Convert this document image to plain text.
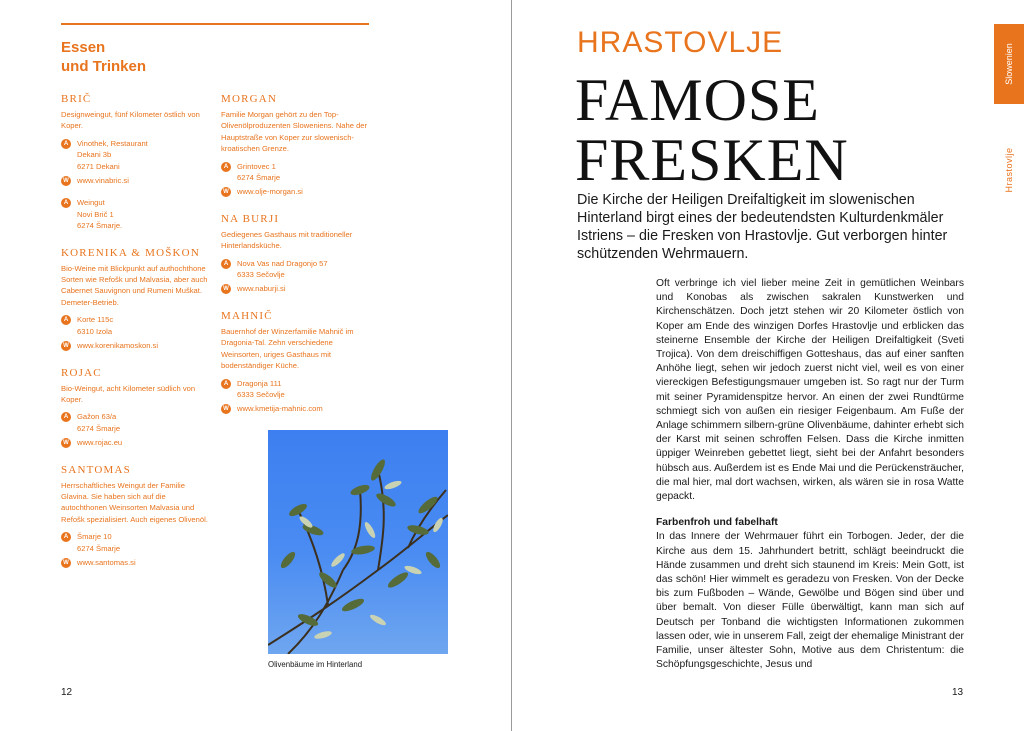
Essen
und Trinken
BRIČ
Designweingut, fünf Kilometer östlich von Koper.
A	Vinothek, Restaurant
Dekani 3b
6271 Dekani
W www.vinabric.si
A	Weingut
Novi Brič 1
6274 Šmarje.
KORENIKA & MOŠKON
Bio-Weine mit Blickpunkt auf authochthone Sorten wie Refošk und Malvasia, aber auch Cabernet Sauvignon und Rumeni Muškat. Demeter-Betrieb.
A	Korte 115c
6310 Izola
W www.korenikamoskon.si
ROJAC
Bio-Weingut, acht Kilometer südlich von Koper.
A	Gažon 63/a
6274 Šmarje
W www.rojac.eu
SANTOMAS
Herrschaftliches Weingut der Familie Glavina. Sie haben sich auf die autochthonen Weinsorten Malvasia und Refošk spezialisiert. Auch eigenes Olivenöl.
A	Šmarje 10
6274 Šmarje
W www.santomas.si
MORGAN
Familie Morgan gehört zu den Top-Olivenölproduzenten Sloweniens. Nahe der Hauptstraße von Koper zur slowenisch-kroatischen Grenze.
A	Grintovec 1
6274 Šmarje
W www.olje-morgan.si
NA BURJI
Gediegenes Gasthaus mit traditioneller Hinterlandsküche.
A	Nova Vas nad Dragonjo 57
6333 Sečovlje
W www.naburji.si
MAHNIČ
Bauernhof der Winzerfamilie Mahnič im Dragonia-Tal. Zehn verschiedene Weinsorten, uriges Gasthaus mit bodenständiger Küche.
A	Dragonja 111
6333 Sečovlje
W www.kmetija-mahnic.com
Olivenbäume im Hinterland
12
HRASTOVLJE
FAMOSE
FRESKEN
Die Kirche der Heiligen Dreifaltigkeit im slowenischen Hinterland birgt eines der bedeutendsten Kulturdenkmäler Istriens – die Fresken von Hrastovlje. Gut verborgen hinter schützenden Wehrmauern.

Oft verbringe ich viel lieber meine Zeit in gemütlichen Weinbars und Konobas als zwischen sakralen Kunstwerken und Kirchenschätzen. Doch jetzt stehen wir 20 Kilometer östlich von Koper am Ende des winzigen Dorfes Hrastovlje und erblicken das steinerne Ensemble der Kirche der Heiligen Dreifaltigkeit (Sveti Trojica). Von dem dreischiffigen Gotteshaus, das auf einer sanften Anhöhe liegt, sehen wir jedoch zuerst nicht viel, weil es von einer viereckigen Befestigungsmauer umgeben ist. So ragt nur der Turm mit seiner Pyramidenspitze hervor. An einen der zwei Rundtürme schmiegt sich von außen ein riesiger Feigenbaum. Am Fuße der Anlage schimmern silbern-grüne Olivenbäume, dahinter erhebt sich der Karst mit seinen schroffen Felsen. Dass die Kirche inmitten üppiger Weinreben gebettet liegt, sieht bei der Anfahrt besonders hübsch aus. Außerdem ist es Ende Mai und die Perückensträucher, die mal hier, mal dort wachsen, wirken, als wären sie in rosa Watte gepackt.

Farbenfroh und fabelhaft

In das Innere der Wehrmauer führt ein Torbogen. Jeder, der die Kirche aus dem 15. Jahrhundert betritt, schlägt beeindruckt die Hände zusammen und dreht sich staunend im Kreis: Mein Gott, ist das schön! Hier wimmelt es geradezu von Fresken. Von der Decke bis zum Fußboden – Wände, Gewölbe und Bögen sind über und über bemalt. Von dieser Fülle überwältigt, kann man sich auf Deutsch per Tonband die wichtigsten Informationen zukommen lassen oder, wie in unserem Fall, zeigt der ehemalige Ministrant der Familie, unser ältester Sohn, Motive aus dem Christentum: die Schöpfungsgeschichte, Jesus und

13
Slowenien
Hrastovlje
